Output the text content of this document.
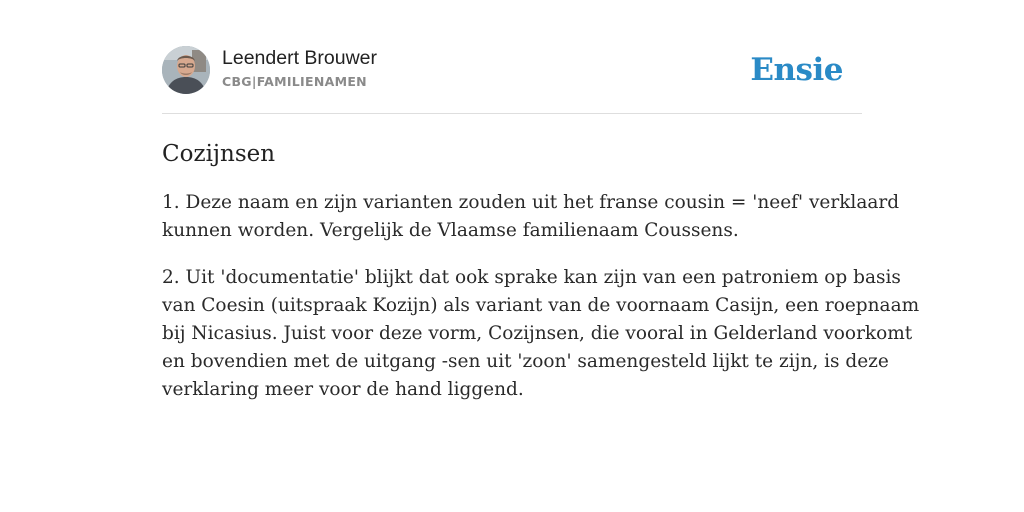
Leendert Brouwer
CBG|FAMILIENAMEN	Ensie
Cozijnsen

1. Deze naam en zijn varianten zouden uit het franse cousin = 'neef' verklaard
kunnen worden. Vergelijk de Vlaamse familienaam Coussens.

2. Uit 'documentatie' blijkt dat ook sprake kan zijn van een patroniem op basis
van Coesin (uitspraak Kozijn) als variant van de voornaam Casijn, een roepnaam
bij Nicasius. Juist voor deze vorm, Cozijnsen, die vooral in Gelderland voorkomt
en bovendien met de uitgang -sen uit 'zoon' samengesteld lijkt te zijn, is deze
verklaring meer voor de hand liggend.
